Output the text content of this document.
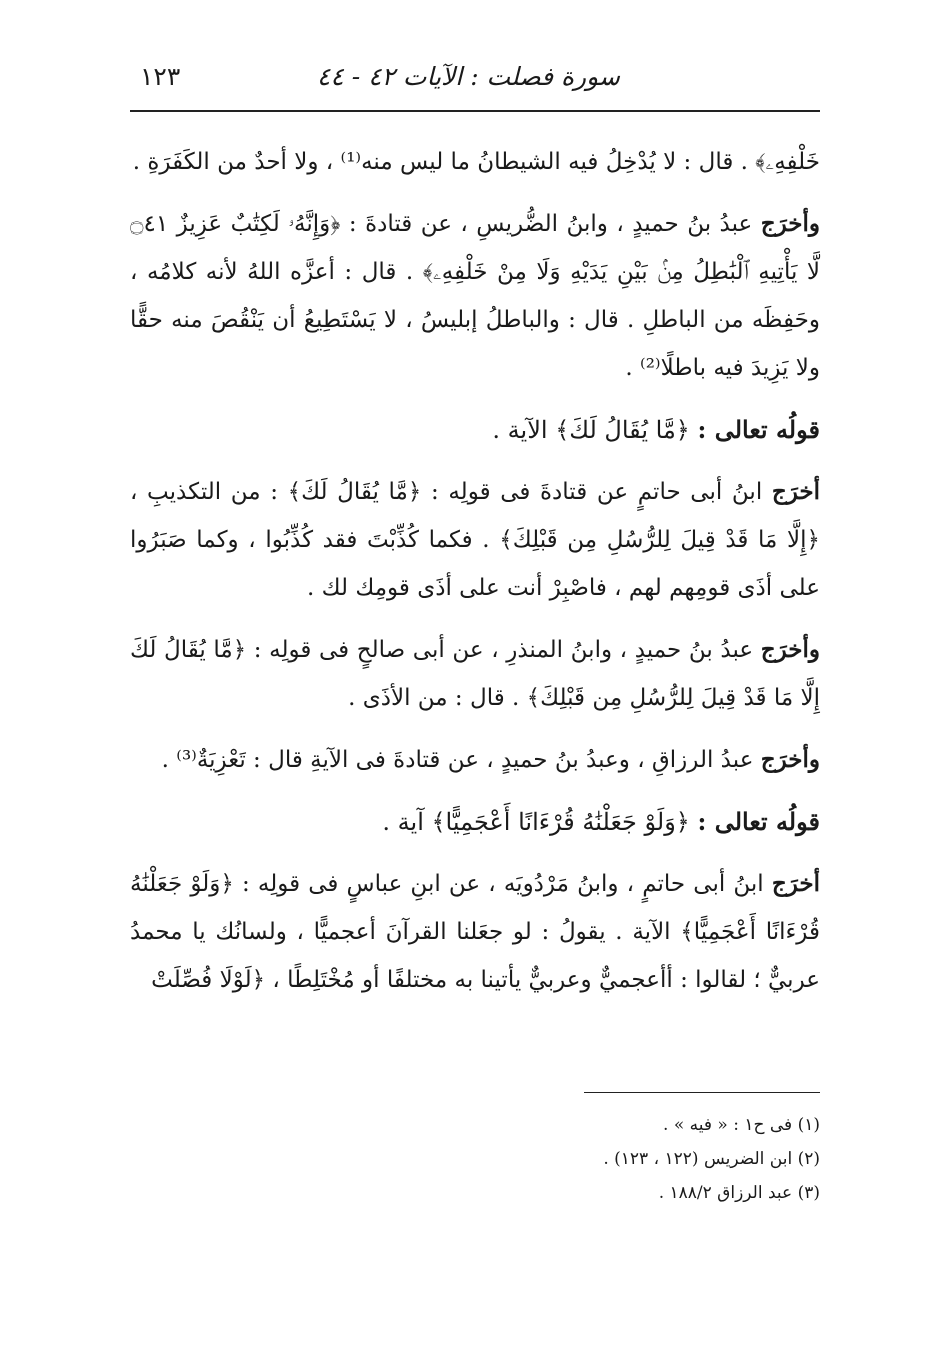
سورة فصلت : الآيات ٤٢ - ٤٤
١٢٣

خَلْفِهِۦ﴾ . قال : لا يُدْخِلُ فيه الشيطانُ ما ليس منه⁽¹⁾ ، ولا أحدٌ من الكَفَرَةِ .

وأخرَج عبدُ بنُ حميدٍ ، وابنُ الضُّريسِ ، عن قتادةَ : ﴿وَإِنَّهُۥ لَكِتَٰبٌ عَزِيزٌ ۝٤١ لَّا يَأْتِيهِ ٱلْبَٰطِلُ مِنۢ بَيْنِ يَدَيْهِ وَلَا مِنْ خَلْفِهِۦ﴾ . قال : أعزَّه اللهُ لأنه كلامُه ، وحَفِظَه من الباطلِ . قال : والباطلُ إبليسُ ، لا يَسْتَطِيعُ أن يَنْقُصَ منه حقًّا ولا يَزِيدَ فيه باطلًا⁽²⁾ .

قولُه تعالى : ﴿مَّا يُقَالُ لَكَ﴾ الآية .

أخرَج ابنُ أبى حاتمٍ عن قتادةَ فى قولِه : ﴿مَّا يُقَالُ لَكَ﴾ : من التكذيبِ ، ﴿إِلَّا مَا قَدْ قِيلَ لِلرُّسُلِ مِن قَبْلِكَ﴾ . فكما كُذِّبْتَ فقد كُذِّبُوا ، وكما صَبَرُوا على أذَى قومِهم لهم ، فاصْبِرْ أنت على أذَى قومِك لك .

وأخرَج عبدُ بنُ حميدٍ ، وابنُ المنذرِ ، عن أبى صالحٍ فى قولِه : ﴿مَّا يُقَالُ لَكَ إِلَّا مَا قَدْ قِيلَ لِلرُّسُلِ مِن قَبْلِكَ﴾ . قال : من الأذَى .

وأخرَج عبدُ الرزاقِ ، وعبدُ بنُ حميدٍ ، عن قتادةَ فى الآيةِ قال : تَعْزِيَةٌ⁽³⁾ .

قولُه تعالى : ﴿وَلَوْ جَعَلْنَٰهُ قُرْءَانًا أَعْجَمِيًّا﴾ آية .

أخرَج ابنُ أبى حاتمٍ ، وابنُ مَرْدُويَه ، عن ابنِ عباسٍ فى قولِه : ﴿وَلَوْ جَعَلْنَٰهُ قُرْءَانًا أَعْجَمِيًّا﴾ الآية . يقولُ : لو جعَلنا القرآنَ أعجميًّا ، ولسانُك يا محمدُ عربيٌّ ؛ لقالوا : أأعجميٌّ وعربيٌّ يأتينا به مختلفًا أو مُخْتَلِطًا ، ﴿لَوْلَا فُصِّلَتْ

(١) فى ح١ : « فيه » .
(٢) ابن الضريس (١٢٢ ، ١٢٣) .
(٣) عبد الرزاق ١٨٨/٢ .
